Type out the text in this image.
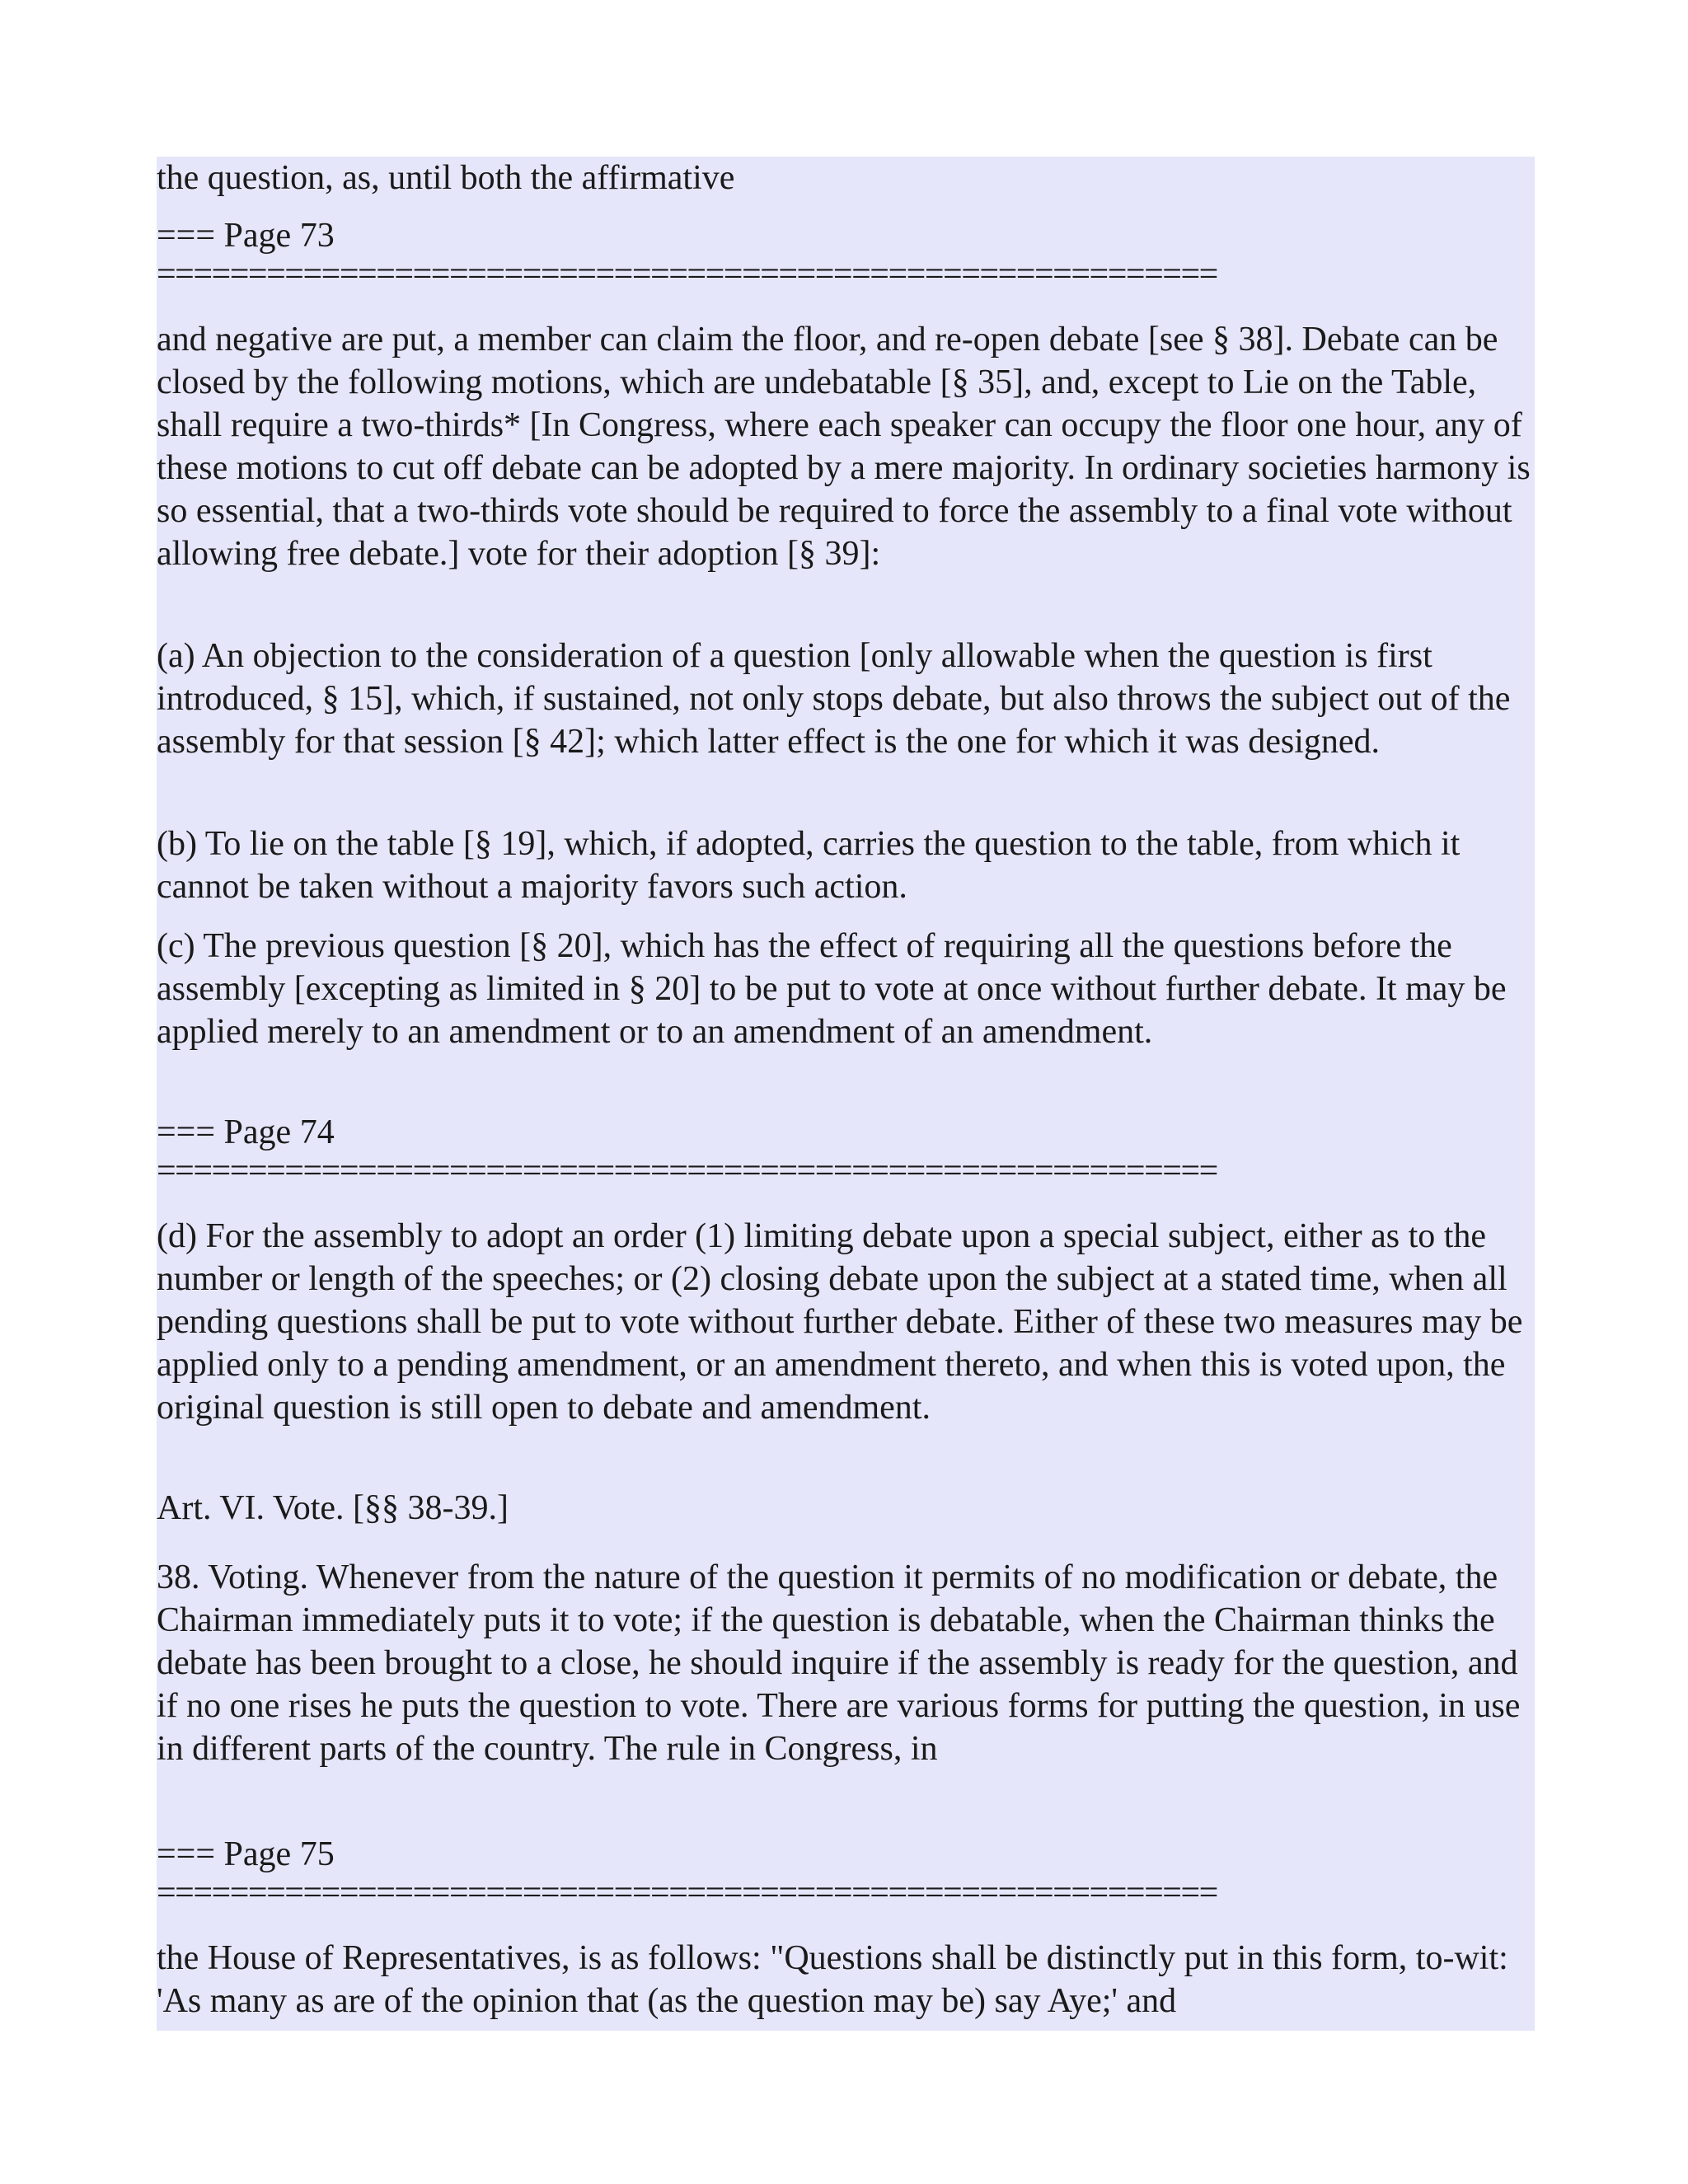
the question, as, until both the affirmative

=== Page 73

==========================================================

and negative are put, a member can claim the floor, and re-open debate [see § 38]. Debate can be closed by the following motions, which are undebatable [§ 35], and, except to Lie on the Table, shall require a two-thirds* [In Congress, where each speaker can occupy the floor one hour, any of these motions to cut off debate can be adopted by a mere majority. In ordinary societies harmony is so essential, that a two-thirds vote should be required to force the assembly to a final vote without allowing free debate.] vote for their adoption [§ 39]:

(a) An objection to the consideration of a question [only allowable when the question is first introduced, § 15], which, if sustained, not only stops debate, but also throws the subject out of the assembly for that session [§ 42]; which latter effect is the one for which it was designed.

(b) To lie on the table [§ 19], which, if adopted, carries the question to the table, from which it cannot be taken without a majority favors such action.

(c) The previous question [§ 20], which has the effect of requiring all the questions before the assembly [excepting as limited in § 20] to be put to vote at once without further debate. It may be applied merely to an amendment or to an amendment of an amendment.

=== Page 74

==========================================================

(d) For the assembly to adopt an order (1) limiting debate upon a special subject, either as to the number or length of the speeches; or (2) closing debate upon the subject at a stated time, when all pending questions shall be put to vote without further debate. Either of these two measures may be applied only to a pending amendment, or an amendment thereto, and when this is voted upon, the original question is still open to debate and amendment.

Art. VI. Vote. [§§ 38-39.]

38. Voting. Whenever from the nature of the question it permits of no modification or debate, the Chairman immediately puts it to vote; if the question is debatable, when the Chairman thinks the debate has been brought to a close, he should inquire if the assembly is ready for the question, and if no one rises he puts the question to vote. There are various forms for putting the question, in use in different parts of the country. The rule in Congress, in

=== Page 75

==========================================================

the House of Representatives, is as follows: "Questions shall be distinctly put in this form, to-wit: 'As many as are of the opinion that (as the question may be) say Aye;' and
